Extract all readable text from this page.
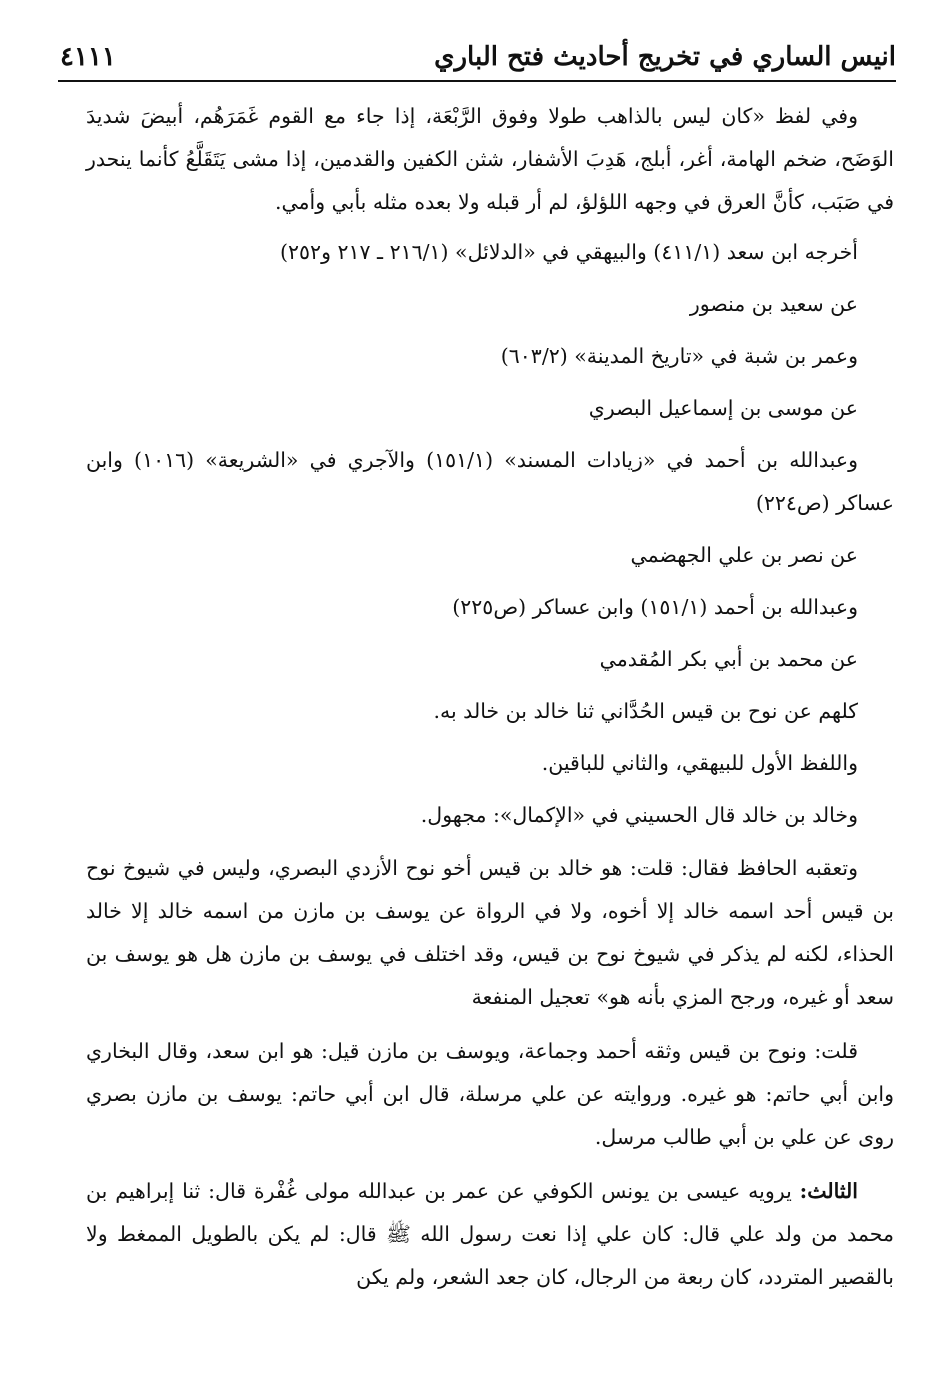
انيس الساري في تخريج أحاديث فتح الباري
٤١١١

وفي لفظ «كان ليس بالذاهب طولا وفوق الرَّبْعَة، إذا جاء مع القوم غَمَرَهُم، أبيضَ شديدَ الوَضَح، ضخم الهامة، أغر، أبلج، هَدِبَ الأشفار، شثن الكفين والقدمين، إذا مشى يَتَقَلَّعُ كأنما ينحدر في صَبَب، كأنَّ العرق في وجهه اللؤلؤ، لم أر قبله ولا بعده مثله بأبي وأمي.

أخرجه ابن سعد (٤١١/١) والبيهقي في «الدلائل» (٢١٦/١ ـ ٢١٧ و٢٥٢)

عن سعيد بن منصور

وعمر بن شبة في «تاريخ المدينة» (٦٠٣/٢)

عن موسى بن إسماعيل البصري

وعبدالله بن أحمد في «زيادات المسند» (١٥١/١) والآجري في «الشريعة» (١٠١٦) وابن عساكر (ص٢٢٤)

عن نصر بن علي الجهضمي

وعبدالله بن أحمد (١٥١/١) وابن عساكر (ص٢٢٥)

عن محمد بن أبي بكر المُقدمي

كلهم عن نوح بن قيس الحُدَّاني ثنا خالد بن خالد به.

واللفظ الأول للبيهقي، والثاني للباقين.

وخالد بن خالد قال الحسيني في «الإكمال»: مجهول.

وتعقبه الحافظ فقال: قلت: هو خالد بن قيس أخو نوح الأزدي البصري، وليس في شيوخ نوح بن قيس أحد اسمه خالد إلا أخوه، ولا في الرواة عن يوسف بن مازن من اسمه خالد إلا خالد الحذاء، لكنه لم يذكر في شيوخ نوح بن قيس، وقد اختلف في يوسف بن مازن هل هو يوسف بن سعد أو غيره، ورجح المزي بأنه هو» تعجيل المنفعة

قلت: ونوح بن قيس وثقه أحمد وجماعة، ويوسف بن مازن قيل: هو ابن سعد، وقال البخاري وابن أبي حاتم: هو غيره. وروايته عن علي مرسلة، قال ابن أبي حاتم: يوسف بن مازن بصري روى عن علي بن أبي طالب مرسل.

الثالث: يرويه عيسى بن يونس الكوفي عن عمر بن عبدالله مولى غُفْرة قال: ثنا إبراهيم بن محمد من ولد علي قال: كان علي إذا نعت رسول الله ﷺ قال: لم يكن بالطويل الممغط ولا بالقصير المتردد، كان ربعة من الرجال، كان جعد الشعر، ولم يكن
